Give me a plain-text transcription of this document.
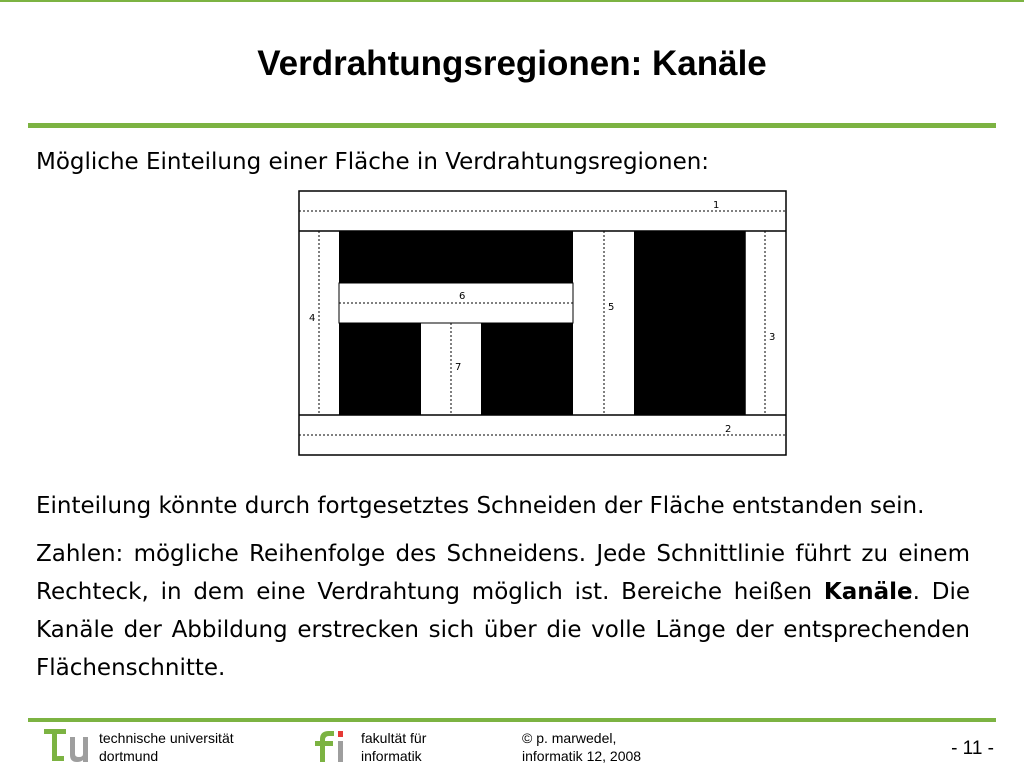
Verdrahtungsregionen: Kanäle
Mögliche Einteilung einer Fläche in Verdrahtungsregionen:
1
2
3
4
5
6
7
Einteilung könnte durch fortgesetztes Schneiden der Fläche entstanden sein.
Zahlen: mögliche Reihenfolge des Schneidens. Jede Schnittlinie führt zu einem Rechteck, in dem eine Verdrahtung möglich ist. Bereiche heißen Kanäle. Die Kanäle der Abbildung erstrecken sich über die volle Länge der entsprechenden Flächenschnitte.
technische universität
dortmund
fakultät für
informatik
© p. marwedel,
informatik 12, 2008	- 11 -
